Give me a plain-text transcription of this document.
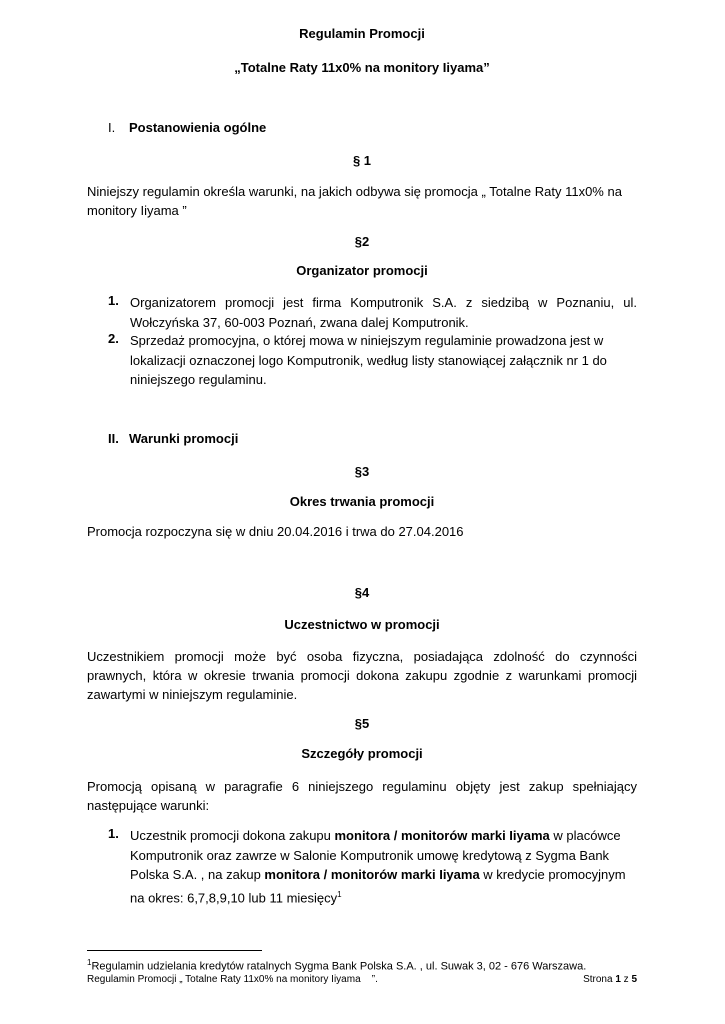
Regulamin Promocji
„Totalne Raty 11x0% na monitory Iiyama”
I. Postanowienia ogólne
§ 1
Niniejszy regulamin określa warunki, na jakich odbywa się promocja „ Totalne Raty 11x0% na monitory Iiyama ”
§2
Organizator promocji
1. Organizatorem promocji jest firma Komputronik S.A. z siedzibą w Poznaniu, ul. Wołczyńska 37, 60-003 Poznań, zwana dalej Komputronik.
2. Sprzedaż promocyjna, o której mowa w niniejszym regulaminie prowadzona jest w lokalizacji oznaczonej logo Komputronik, według listy stanowiącej załącznik nr 1 do niniejszego regulaminu.
II. Warunki promocji
§3
Okres trwania promocji
Promocja rozpoczyna się w dniu 20.04.2016 i trwa do 27.04.2016
§4
Uczestnictwo w promocji
Uczestnikiem promocji może być osoba fizyczna, posiadająca zdolność do czynności prawnych, która w okresie trwania promocji dokona zakupu zgodnie z warunkami promocji zawartymi w niniejszym regulaminie.
§5
Szczegóły promocji
Promocją opisaną w paragrafie 6 niniejszego regulaminu objęty jest zakup spełniający następujące warunki:
1. Uczestnik promocji dokona zakupu monitora / monitorów marki Iiyama w placówce Komputronik oraz zawrze w Salonie Komputronik umowę kredytową z Sygma Bank Polska S.A. , na zakup monitora / monitorów marki Iiyama w kredycie promocyjnym na okres: 6,7,8,9,10 lub 11 miesięcy$^1$
$^1$Regulamin udzielania kredytów ratalnych Sygma Bank Polska S.A. , ul. Suwak 3, 02 - 676 Warszawa.
Regulamin Promocji „ Totalne Raty 11x0% na monitory Iiyama    ”.	Strona 1 z 5
